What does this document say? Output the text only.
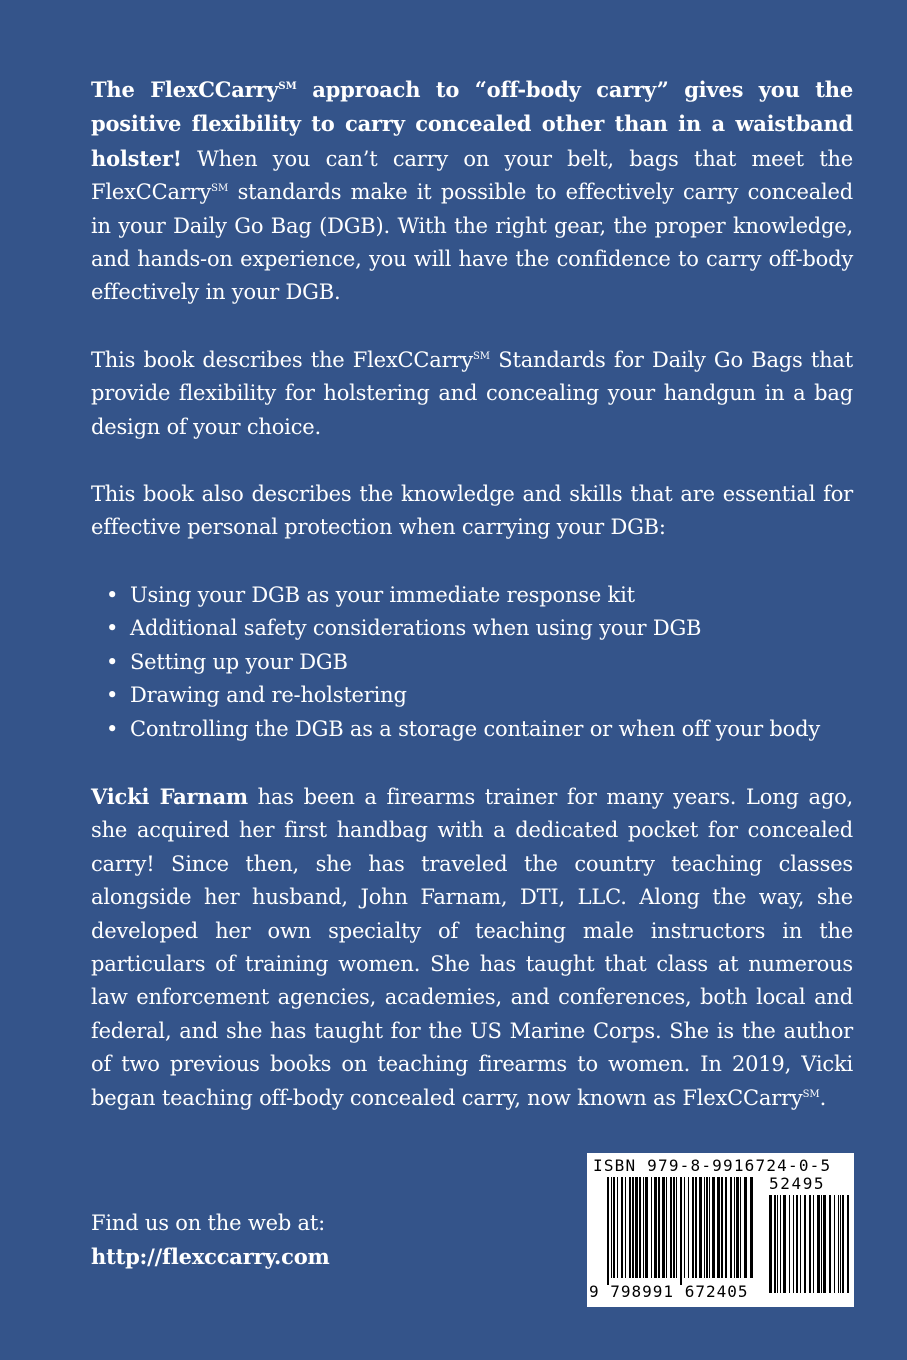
The FlexCCarry℠ approach to “off-body carry” gives you the positive flexibility to carry concealed other than in a waistband holster! When you can’t carry on your belt, bags that meet the FlexCCarry℠ standards make it possible to effectively carry concealed in your Daily Go Bag (DGB). With the right gear, the proper knowledge, and hands-on experience, you will have the confidence to carry off-body effectively in your DGB.

This book describes the FlexCCarry℠ Standards for Daily Go Bags that provide flexibility for holstering and concealing your handgun in a bag design of your choice.

This book also describes the knowledge and skills that are essential for effective personal protection when carrying your DGB:

• Using your DGB as your immediate response kit
• Additional safety considerations when using your DGB
• Setting up your DGB
• Drawing and re-holstering
• Controlling the DGB as a storage container or when off your body

Vicki Farnam has been a firearms trainer for many years. Long ago, she acquired her first handbag with a dedicated pocket for concealed carry! Since then, she has traveled the country teaching classes alongside her husband, John Farnam, DTI, LLC. Along the way, she developed her own specialty of teaching male instructors in the particulars of training women. She has taught that class at numerous law enforcement agencies, academies, and conferences, both local and federal, and she has taught for the US Marine Corps. She is the author of two previous books on teaching firearms to women. In 2019, Vicki began teaching off-body concealed carry, now known as FlexCCarry℠.

Find us on the web at:
http://flexccarry.com
ISBN 979-8-9916724-0-5
52495
9 798991 672405
